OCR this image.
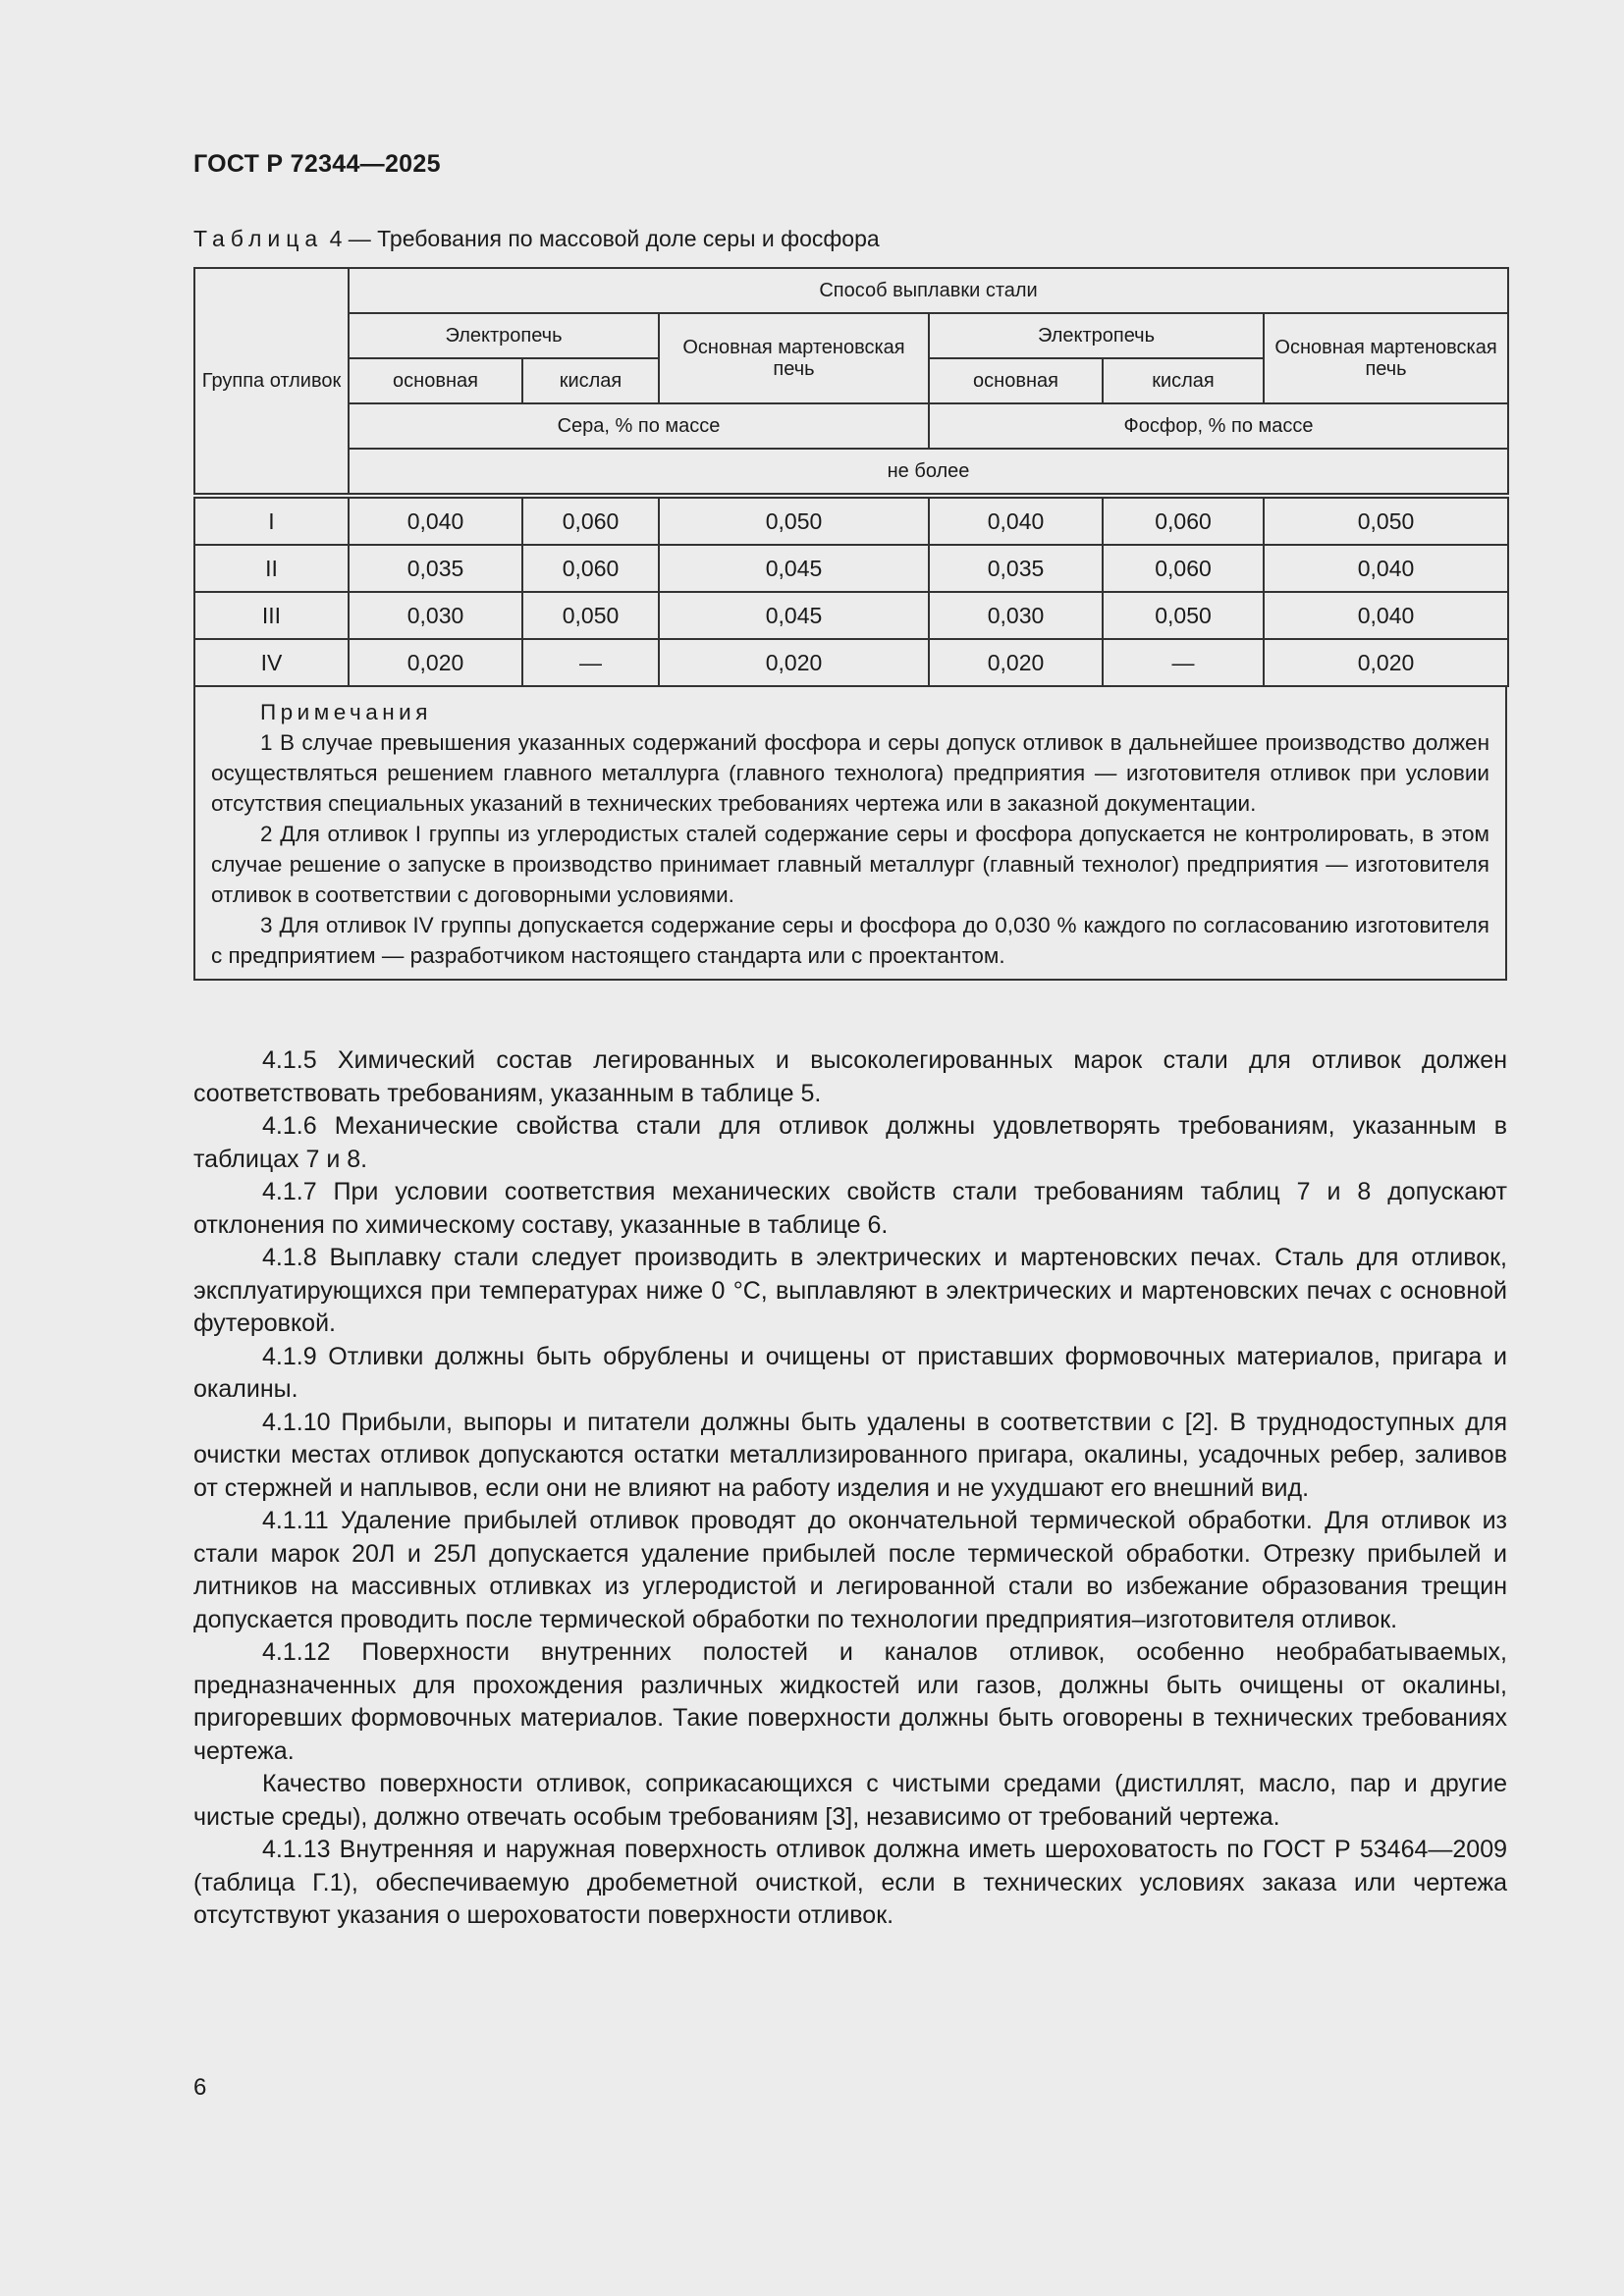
ГОСТ Р 72344—2025
Таблица 4 — Требования по массовой доле серы и фосфора
Группа отливок	Способ выплавки стали					
	Электропечь		Основная мартеновская печь	Электропечь		Основная мартеновская печь
	основная	кислая		основная	кислая	
	Сера, % по массе			Фосфор, % по массе		
	не более					
I	0,040	0,060	0,050	0,040	0,060	0,050
II	0,035	0,060	0,045	0,035	0,060	0,040
III	0,030	0,050	0,045	0,030	0,050	0,040
IV	0,020	—	0,020	0,020	—	0,020
Примечания

1 В случае превышения указанных содержаний фосфора и серы допуск отливок в дальнейшее производство должен осуществляться решением главного металлурга (главного технолога) предприятия — изготовителя отливок при условии отсутствия специальных указаний в технических требованиях чертежа или в заказной документации.

2 Для отливок I группы из углеродистых сталей содержание серы и фосфора допускается не контролировать, в этом случае решение о запуске в производство принимает главный металлург (главный технолог) предприятия — изготовителя отливок в соответствии с договорными условиями.

3 Для отливок IV группы допускается содержание серы и фосфора до 0,030 % каждого по согласованию изготовителя с предприятием — разработчиком настоящего стандарта или с проектантом.

4.1.5 Химический состав легированных и высоколегированных марок стали для отливок должен соответствовать требованиям, указанным в таблице 5.

4.1.6 Механические свойства стали для отливок должны удовлетворять требованиям, указанным в таблицах 7 и 8.

4.1.7 При условии соответствия механических свойств стали требованиям таблиц 7 и 8 допускают отклонения по химическому составу, указанные в таблице 6.

4.1.8 Выплавку стали следует производить в электрических и мартеновских печах. Сталь для отливок, эксплуатирующихся при температурах ниже 0 °С, выплавляют в электрических и мартеновских печах с основной футеровкой.

4.1.9 Отливки должны быть обрублены и очищены от приставших формовочных материалов, пригара и окалины.

4.1.10 Прибыли, выпоры и питатели должны быть удалены в соответствии с [2]. В труднодоступных для очистки местах отливок допускаются остатки металлизированного пригара, окалины, усадочных ребер, заливов от стержней и наплывов, если они не влияют на работу изделия и не ухудшают его внешний вид.

4.1.11 Удаление прибылей отливок проводят до окончательной термической обработки. Для отливок из стали марок 20Л и 25Л допускается удаление прибылей после термической обработки. Отрезку прибылей и литников на массивных отливках из углеродистой и легированной стали во избежание образования трещин допускается проводить после термической обработки по технологии предприятия–изготовителя отливок.

4.1.12 Поверхности внутренних полостей и каналов отливок, особенно необрабатываемых, предназначенных для прохождения различных жидкостей или газов, должны быть очищены от окалины, пригоревших формовочных материалов. Такие поверхности должны быть оговорены в технических требованиях чертежа.

Качество поверхности отливок, соприкасающихся с чистыми средами (дистиллят, масло, пар и другие чистые среды), должно отвечать особым требованиям [3], независимо от требований чертежа.

4.1.13 Внутренняя и наружная поверхность отливок должна иметь шероховатость по ГОСТ Р 53464—2009 (таблица Г.1), обеспечиваемую дробеметной очисткой, если в технических условиях заказа или чертежа отсутствуют указания о шероховатости поверхности отливок.

6
